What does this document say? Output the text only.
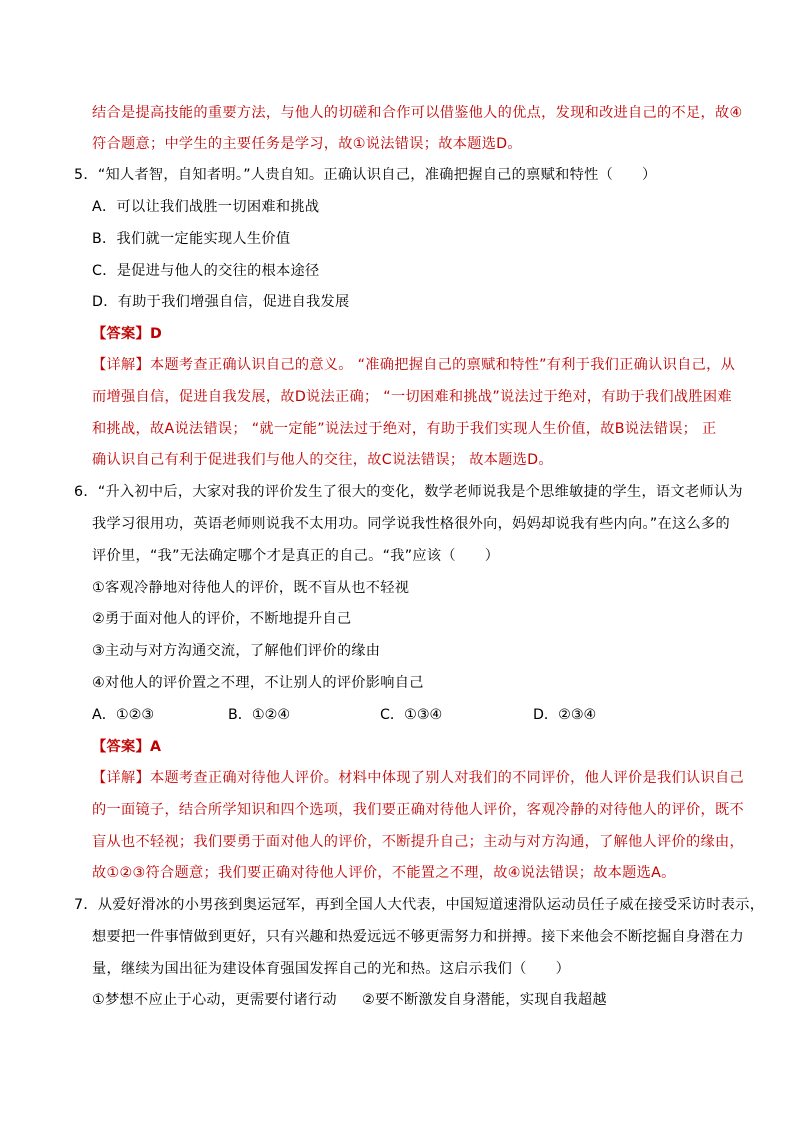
结合是提高技能的重要方法，与他人的切磋和合作可以借鉴他人的优点，发现和改进自己的不足，故④
符合题意；中学生的主要任务是学习，故①说法错误；故本题选D。
5．“知人者智，自知者明。”人贵自知。正确认识自己，准确把握自己的禀赋和特性（　　）
A．可以让我们战胜一切困难和挑战
B．我们就一定能实现人生价值
C．是促进与他人的交往的根本途径
D．有助于我们增强自信，促进自我发展
【答案】D
【详解】本题考查正确认识自己的意义。 “准确把握自己的禀赋和特性”有利于我们正确认识自己，从
而增强自信，促进自我发展，故D说法正确； “一切困难和挑战”说法过于绝对，有助于我们战胜困难
和挑战，故A说法错误； “就一定能”说法过于绝对，有助于我们实现人生价值，故B说法错误； 正
确认识自己有利于促进我们与他人的交往，故C说法错误； 故本题选D。
6．“升入初中后，大家对我的评价发生了很大的变化，数学老师说我是个思维敏捷的学生，语文老师认为
我学习很用功，英语老师则说我不太用功。同学说我性格很外向，妈妈却说我有些内向。”在这么多的
评价里，“我”无法确定哪个才是真正的自己。“我”应该（　　）
①客观冷静地对待他人的评价，既不盲从也不轻视
②勇于面对他人的评价，不断地提升自己
③主动与对方沟通交流，了解他们评价的缘由
④对他人的评价置之不理，不让别人的评价影响自己
A．①②③	B．①②④	C．①③④	D．②③④
【答案】A
【详解】本题考查正确对待他人评价。材料中体现了别人对我们的不同评价，他人评价是我们认识自己
的一面镜子，结合所学知识和四个选项，我们要正确对待他人评价，客观冷静的对待他人的评价，既不
盲从也不轻视；我们要勇于面对他人的评价，不断提升自己；主动与对方沟通，了解他人评价的缘由，
故①②③符合题意；我们要正确对待他人评价，不能置之不理，故④说法错误；故本题选A。
7．从爱好滑冰的小男孩到奥运冠军，再到全国人大代表，中国短道速滑队运动员任子威在接受采访时表示，
想要把一件事情做到更好，只有兴趣和热爱远远不够更需努力和拼搏。接下来他会不断挖掘自身潜在力
量，继续为国出征为建设体育强国发挥自己的光和热。这启示我们（　　）
①梦想不应止于心动，更需要付诸行动 ②要不断激发自身潜能，实现自我超越
